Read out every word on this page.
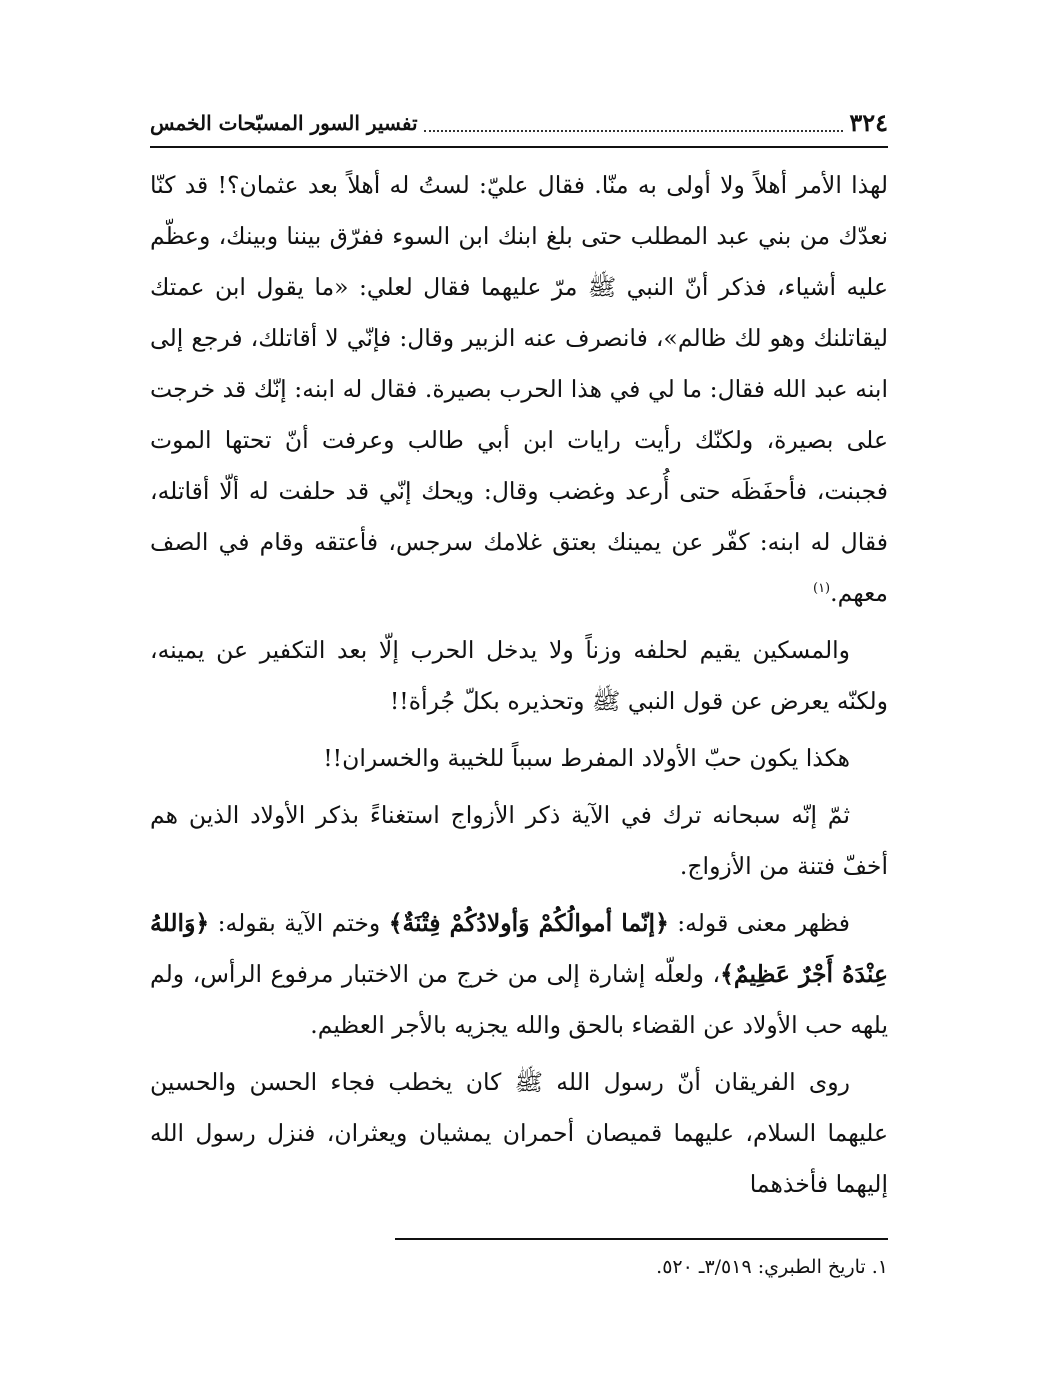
٣٢٤
تفسير السور المسبّحات الخمس

لهذا الأمر أهلاً ولا أولى به منّا. فقال عليّ: لستُ له أهلاً بعد عثمان؟! قد كنّا نعدّك من بني عبد المطلب حتى بلغ ابنك ابن السوء ففرّق بيننا وبينك، وعظّم عليه أشياء، فذكر أنّ النبي ﷺ مرّ عليهما فقال لعلي: «ما يقول ابن عمتك ليقاتلنك وهو لك ظالم»، فانصرف عنه الزبير وقال: فإنّي لا أقاتلك، فرجع إلى ابنه عبد الله فقال: ما لي في هذا الحرب بصيرة. فقال له ابنه: إنّك قد خرجت على بصيرة، ولكنّك رأيت رايات ابن أبي طالب وعرفت أنّ تحتها الموت فجبنت، فأحفَظَه حتى أُرعد وغضب وقال: ويحك إنّي قد حلفت له ألّا أقاتله، فقال له ابنه: كفّر عن يمينك بعتق غلامك سرجس، فأعتقه وقام في الصف معهم.$^{(١)}$

والمسكين يقيم لحلفه وزناً ولا يدخل الحرب إلّا بعد التكفير عن يمينه، ولكنّه يعرض عن قول النبي ﷺ وتحذيره بكلّ جُرأة!!

هكذا يكون حبّ الأولاد المفرط سبباً للخيبة والخسران!!

ثمّ إنّه سبحانه ترك في الآية ذكر الأزواج استغناءً بذكر الأولاد الذين هم أخفّ فتنة من الأزواج.

فظهر معنى قوله: ﴿إنّما أموالُكُمْ وَأولادُكُمْ فِتْنَةٌ﴾ وختم الآية بقوله: ﴿وَاللهُ عِنْدَهُ أَجْرٌ عَظِيمٌ﴾، ولعلّه إشارة إلى من خرج من الاختبار مرفوع الرأس، ولم يلهه حب الأولاد عن القضاء بالحق والله يجزيه بالأجر العظيم.

روى الفريقان أنّ رسول الله ﷺ كان يخطب فجاء الحسن والحسين عليهما السلام، عليهما قميصان أحمران يمشيان ويعثران، فنزل رسول الله إليهما فأخذهما

١. تاريخ الطبري: ٣/٥١٩ـ ٥٢٠.
